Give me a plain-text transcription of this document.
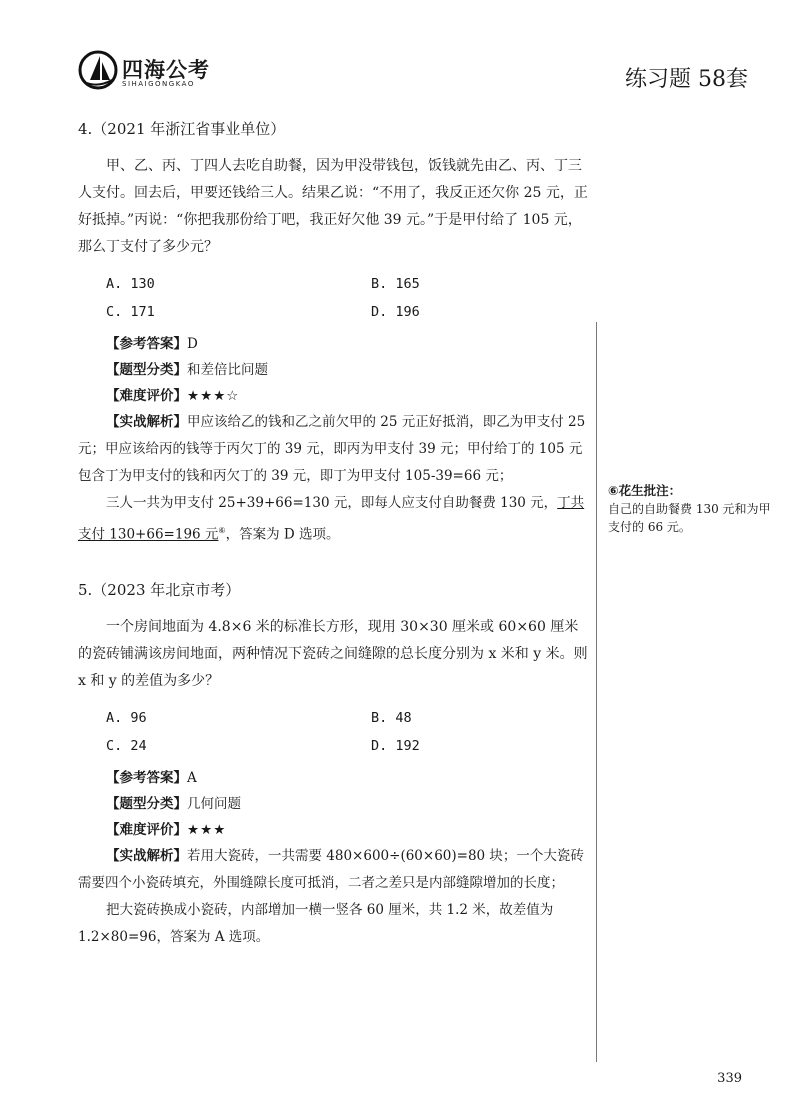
四海公考
SIHAIGONGKAO	练习题 58套
4.（2021 年浙江省事业单位）

甲、乙、丙、丁四人去吃自助餐，因为甲没带钱包，饭钱就先由乙、丙、丁三人支付。回去后，甲要还钱给三人。结果乙说：“不用了，我反正还欠你 25 元，正好抵掉。”丙说：“你把我那份给丁吧，我正好欠他 39 元。”于是甲付给了 105 元，那么丁支付了多少元？

A. 130	B. 165
C. 171	D. 196
【参考答案】D
【题型分类】和差倍比问题
【难度评价】★★★☆

【实战解析】甲应该给乙的钱和乙之前欠甲的 25 元正好抵消，即乙为甲支付 25 元；甲应该给丙的钱等于丙欠丁的 39 元，即丙为甲支付 39 元；甲付给丁的 105 元包含丁为甲支付的钱和丙欠丁的 39 元，即丁为甲支付 105-39=66 元；

三人一共为甲支付 25+39+66=130 元，即每人应支付自助餐费 130 元，丁共支付 130+66=196 元⑥，答案为 D 选项。

5.（2023 年北京市考）

一个房间地面为 4.8×6 米的标准长方形，现用 30×30 厘米或 60×60 厘米的瓷砖铺满该房间地面，两种情况下瓷砖之间缝隙的总长度分别为 x 米和 y 米。则 x 和 y 的差值为多少？

A. 96	B. 48
C. 24	D. 192
【参考答案】A
【题型分类】几何问题
【难度评价】★★★

【实战解析】若用大瓷砖，一共需要 480×600÷(60×60)=80 块；一个大瓷砖需要四个小瓷砖填充，外围缝隙长度可抵消，二者之差只是内部缝隙增加的长度；

把大瓷砖换成小瓷砖，内部增加一横一竖各 60 厘米，共 1.2 米，故差值为 1.2×80=96，答案为 A 选项。

⑥花生批注：
自己的自助餐费 130 元和为甲支付的 66 元。
339
